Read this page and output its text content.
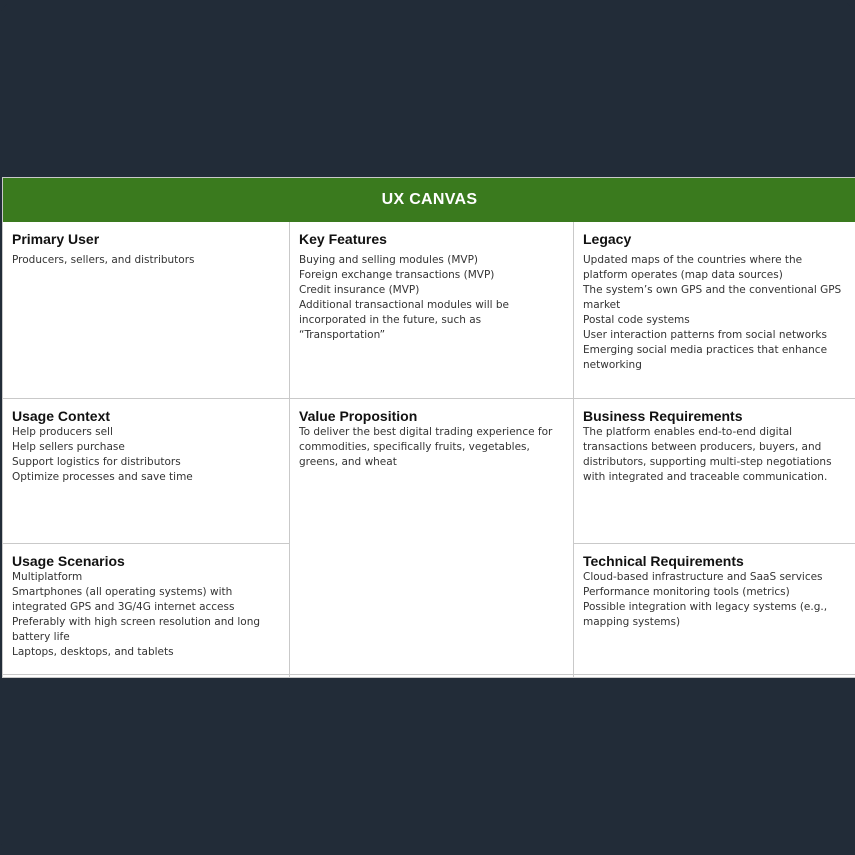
UX CANVAS
Primary User
Producers, sellers, and distributors
Key Features
Buying and selling modules (MVP)
Foreign exchange transactions (MVP)
Credit insurance (MVP)
Additional transactional modules will be incorporated in the future, such as “Transportation”
Legacy
Updated maps of the countries where the platform operates (map data sources)
The system’s own GPS and the conventional GPS market
Postal code systems
User interaction patterns from social networks
Emerging social media practices that enhance networking
Usage Context
Help producers sell
Help sellers purchase
Support logistics for distributors
Optimize processes and save time
Value Proposition
To deliver the best digital trading experience for commodities, specifically fruits, vegetables, greens, and wheat
Business Requirements
The platform enables end-to-end digital transactions between producers, buyers, and distributors, supporting multi-step negotiations with integrated and traceable communication.
Usage Scenarios
Multiplatform
Smartphones (all operating systems) with integrated GPS and 3G/4G internet access
Preferably with high screen resolution and long battery life
Laptops, desktops, and tablets
Technical Requirements
Cloud-based infrastructure and SaaS services
Performance monitoring tools (metrics)
Possible integration with legacy systems (e.g., mapping systems)
